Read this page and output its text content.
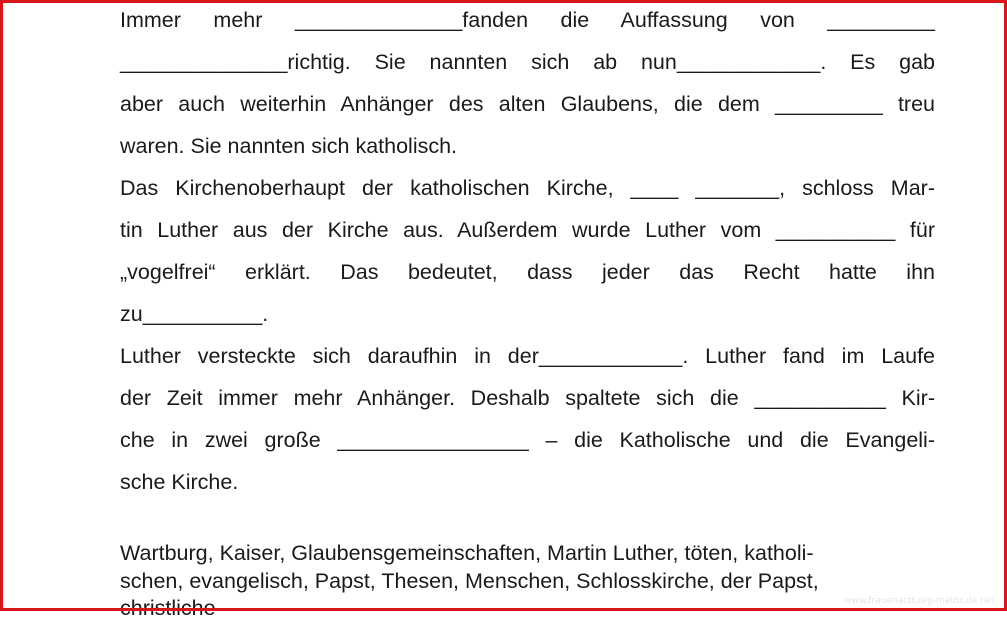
Immer mehr ______________fanden die Auffassung von _________
______________richtig. Sie nannten sich ab nun____________. Es gab
aber auch weiterhin Anhänger des alten Glaubens, die dem _________ treu
waren. Sie nannten sich katholisch.
Das Kirchenoberhaupt der katholischen Kirche, ____ _______, schloss Mar-
tin Luther aus der Kirche aus. Außerdem wurde Luther vom __________ für
„vogelfrei“ erklärt. Das bedeutet, dass jeder das Recht hatte ihn
zu__________.
Luther versteckte sich daraufhin in der____________. Luther fand im Laufe
der Zeit immer mehr Anhänger. Deshalb spaltete sich die ___________ Kir-
che in zwei große ________________ – die Katholische und die Evangeli-
sche Kirche.
Wartburg, Kaiser, Glaubensgemeinschaften, Martin Luther, töten, katholi-
schen, evangelisch, Papst, Thesen, Menschen, Schlosskirche, der Papst,
christliche	www.frauenarzt.org-mainz.de.net
